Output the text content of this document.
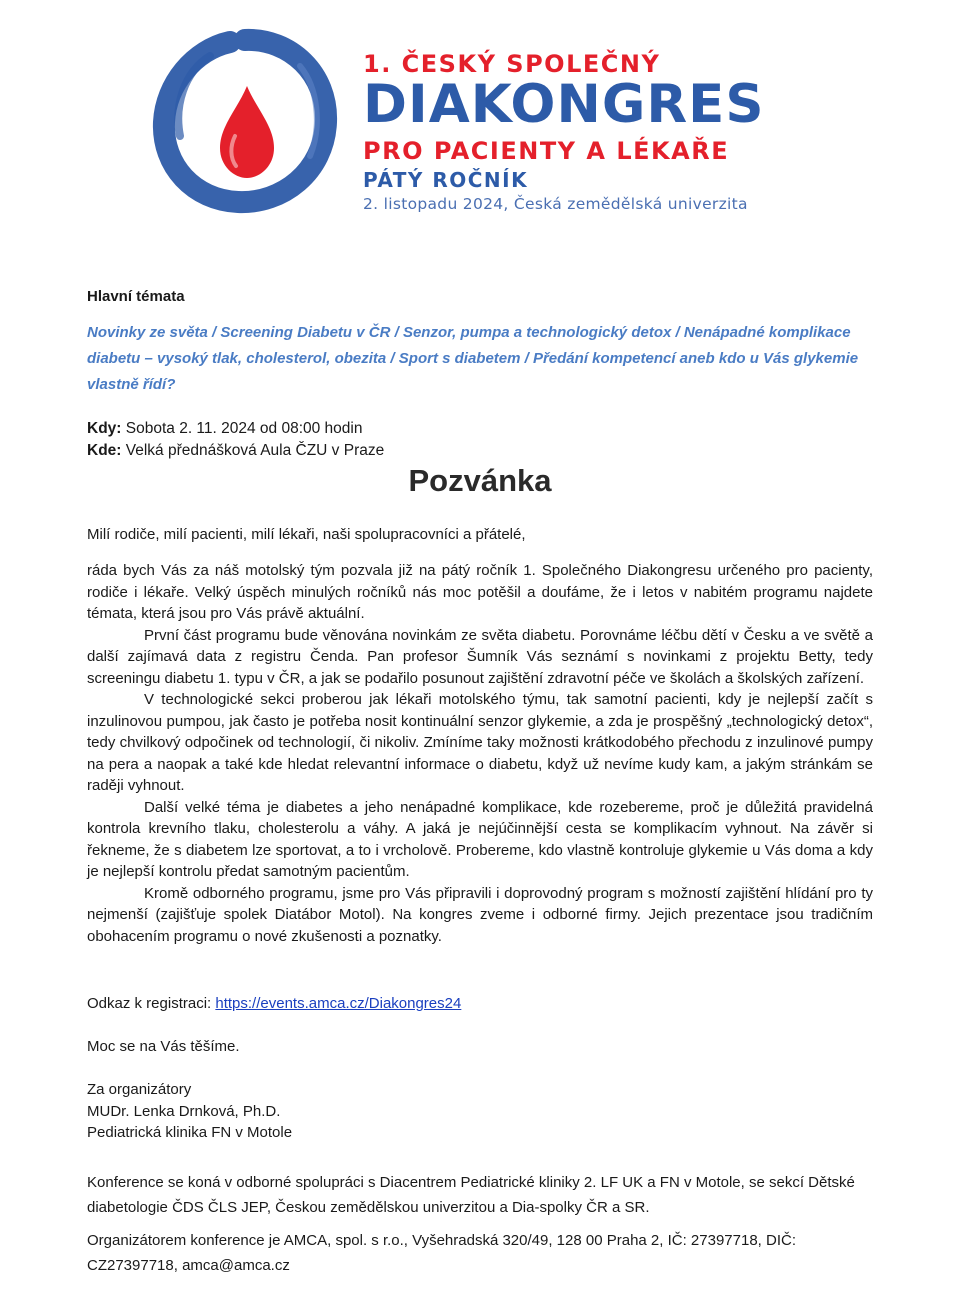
1. ČESKÝ SPOLEČNÝ
DIAKONGRES
PRO PACIENTY A LÉKAŘE
PÁTÝ ROČNÍK
2. listopadu 2024, Česká zemědělská univerzita
Hlavní témata
Novinky ze světa / Screening Diabetu v ČR / Senzor, pumpa a technologický detox / Nenápadné komplikace diabetu – vysoký tlak, cholesterol, obezita / Sport s diabetem / Předání kompetencí aneb kdo u Vás glykemie vlastně řídí?
Kdy: Sobota 2. 11. 2024 od 08:00 hodin
Kde: Velká přednášková Aula ČZU v Praze
Pozvánka
Milí rodiče, milí pacienti, milí lékaři, naši spolupracovníci a přátelé,

ráda bych Vás za náš motolský tým pozvala již na pátý ročník 1. Společného Diakongresu určeného pro pacienty, rodiče i lékaře. Velký úspěch minulých ročníků nás moc potěšil a doufáme, že i letos v nabitém programu najdete témata, která jsou pro Vás právě aktuální.

První část programu bude věnována novinkám ze světa diabetu. Porovnáme léčbu dětí v Česku a ve světě a další zajímavá data z registru Čenda. Pan profesor Šumník Vás seznámí s novinkami z projektu Betty, tedy screeningu diabetu 1. typu v ČR, a jak se podařilo posunout zajištění zdravotní péče ve školách a školských zařízení.

V technologické sekci proberou jak lékaři motolského týmu, tak samotní pacienti, kdy je nejlepší začít s inzulinovou pumpou, jak často je potřeba nosit kontinuální senzor glykemie, a zda je prospěšný „technologický detox“, tedy chvilkový odpočinek od technologií, či nikoliv. Zmíníme taky možnosti krátkodobého přechodu z inzulinové pumpy na pera a naopak a také kde hledat relevantní informace o diabetu, když už nevíme kudy kam, a jakým stránkám se raději vyhnout.

Další velké téma je diabetes a jeho nenápadné komplikace, kde rozebereme, proč je důležitá pravidelná kontrola krevního tlaku, cholesterolu a váhy. A jaká je nejúčinnější cesta se komplikacím vyhnout. Na závěr si řekneme, že s diabetem lze sportovat, a to i vrcholově. Probereme, kdo vlastně kontroluje glykemie u Vás doma a kdy je nejlepší kontrolu předat samotným pacientům.

Kromě odborného programu, jsme pro Vás připravili i doprovodný program s možností zajištění hlídání pro ty nejmenší (zajišťuje spolek Diatábor Motol). Na kongres zveme i odborné firmy. Jejich prezentace jsou tradičním obohacením programu o nové zkušenosti a poznatky.

Odkaz k registraci: https://events.amca.cz/Diakongres24
Moc se na Vás těšíme.
Za organizátory
MUDr. Lenka Drnková, Ph.D.
Pediatrická klinika FN v Motole
Konference se koná v odborné spolupráci s Diacentrem Pediatrické kliniky 2. LF UK a FN v Motole, se sekcí Dětské diabetologie ČDS ČLS JEP, Českou zemědělskou univerzitou a Dia-spolky ČR a SR.
Organizátorem konference je AMCA, spol. s r.o., Vyšehradská 320/49, 128 00 Praha 2, IČ: 27397718, DIČ: CZ27397718, amca@amca.cz
